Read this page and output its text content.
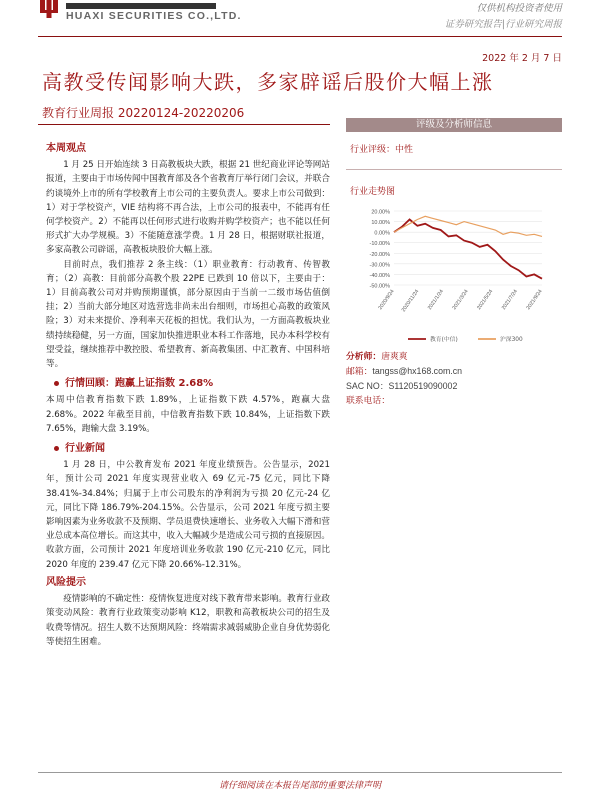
HUAXI SECURITIES CO.,LTD.
仅供机构投资者使用
证券研究报告|行业研究周报
2022 年 2 月 7 日
高教受传闻影响大跌，多家辟谣后股价大幅上涨
教育行业周报 20220124-20220206
本周观点

1 月 25 日开始连续 3 日高教板块大跌，根据 21 世纪商业评论等网站报道，主要由于市场传闻中国教育部及各个省教育厅举行闭门会议，并联合约谈境外上市的所有学校教育上市公司的主要负责人。要求上市公司做到：1）对于学校资产，VIE 结构将不再合法，上市公司的报表中，不能再有任何学校资产。2）不能再以任何形式进行收购并购学校资产；也不能以任何形式扩大办学规模。3）不能随意涨学费。1 月 28 日，根据财联社报道，多家高教公司辟谣，高教板块股价大幅上涨。

目前时点，我们推荐 2 条主线：（1）职业教育：行动教育、传智教育；（2）高教：目前部分高教个股 22PE 已跌到 10 倍以下，主要由于：1）目前高教公司对并购预期谨慎，部分原因由于当前一二级市场估值倒挂；2）当前大部分地区对选营选非尚未出台细则，市场担心高教的政策风险；3）对未来提价、净利率天花板的担忧。我们认为，一方面高教板块业绩持续稳健，另一方面，国家加快推进职业本科工作落地，民办本科学校有望受益，继续推荐中教控股、希望教育、新高教集团、中汇教育、中国科培等。

行情回顾：跑赢上证指数 2.68%

本周中信教育指数下跌 1.89%，上证指数下跌 4.57%，跑赢大盘 2.68%。2022 年截至目前，中信教育指数下跌 10.84%，上证指数下跌 7.65%，跑输大盘 3.19%。

行业新闻

1 月 28 日，中公教育发布 2021 年度业绩预告。公告显示，2021 年，预计公司 2021 年度实现营业收入 69 亿元-75 亿元，同比下降 38.41%-34.84%；归属于上市公司股东的净利润为亏损 20 亿元-24 亿元，同比下降 186.79%-204.15%。公告显示，公司 2021 年度亏损主要影响因素为业务收款不及预期、学员退费快速增长、业务收入大幅下滑和营业总成本高位增长。而这其中，收入大幅减少是造成公司亏损的直接原因。收款方面，公司预计 2021 年度培训业务收款 190 亿元-210 亿元，同比 2020 年度的 239.47 亿元下降 20.66%-12.31%。

风险提示

疫情影响的不确定性：疫情恢复进度对线下教育带来影响。教育行业政策变动风险：教育行业政策变动影响 K12，职教和高教板块公司的招生及收费等情况。招生人数不达预期风险：终端需求减弱威胁企业自身优势弱化等使招生困难。

评级及分析师信息
行业评级：中性
行业走势图
20.00%
10.00%
0.00%
-10.00%
-20.00%
-30.00%
-40.00%
-50.00%
2020/9/24 2020/11/24 2021/1/24 2021/3/24 2021/5/24 2021/7/24 2021/9/24
教育(中信)	沪深300
分析师：唐爽爽
邮箱：tangss@hx168.com.cn
SAC NO：S1120519090002
联系电话：
请仔细阅读在本报告尾部的重要法律声明
